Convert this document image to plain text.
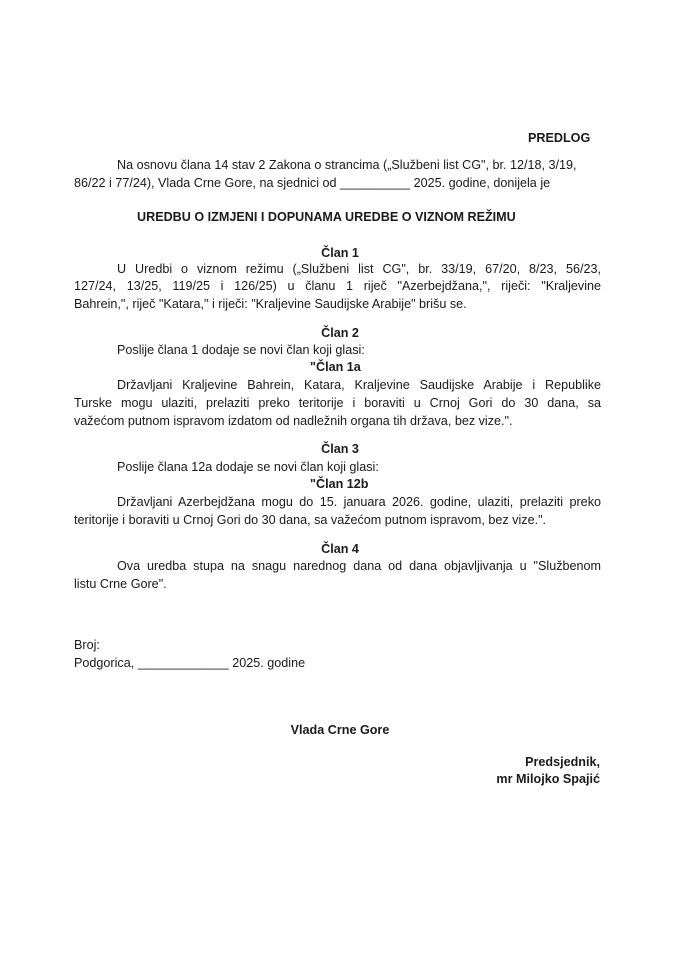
PREDLOG
Na osnovu člana 14 stav 2 Zakona o strancima („Službeni list CG", br. 12/18, 3/19,
86/22 i 77/24), Vlada Crne Gore, na sjednici od __________ 2025. godine, donijela je
UREDBU O IZMJENI I DOPUNAMA UREDBE O VIZNOM REŽIMU
Član 1
U Uredbi o viznom režimu („Službeni list CG", br. 33/19, 67/20, 8/23, 56/23,
127/24, 13/25, 119/25 i 126/25) u članu 1 riječ "Azerbejdžana,", riječi: "Kraljevine
Bahrein,", riječ "Katara," i riječi: "Kraljevine Saudijske Arabije" brišu se.
Član 2
Poslije člana 1 dodaje se novi član koji glasi:
"Član 1a
Državljani Kraljevine Bahrein, Katara, Kraljevine Saudijske Arabije i Republike
Turske mogu ulaziti, prelaziti preko teritorije i boraviti u Crnoj Gori do 30 dana, sa
važećom putnom ispravom izdatom od nadležnih organa tih država, bez vize.".
Član 3
Poslije člana 12a dodaje se novi član koji glasi:
"Član 12b
Državljani Azerbejdžana mogu do 15. januara 2026. godine, ulaziti, prelaziti preko
teritorije i boraviti u Crnoj Gori do 30 dana, sa važećom putnom ispravom, bez vize.".
Član 4
Ova uredba stupa na snagu narednog dana od dana objavljivanja u "Službenom
listu Crne Gore".
Broj:
Podgorica, _____________ 2025. godine
Vlada Crne Gore
Predsjednik,
mr Milojko Spajić
